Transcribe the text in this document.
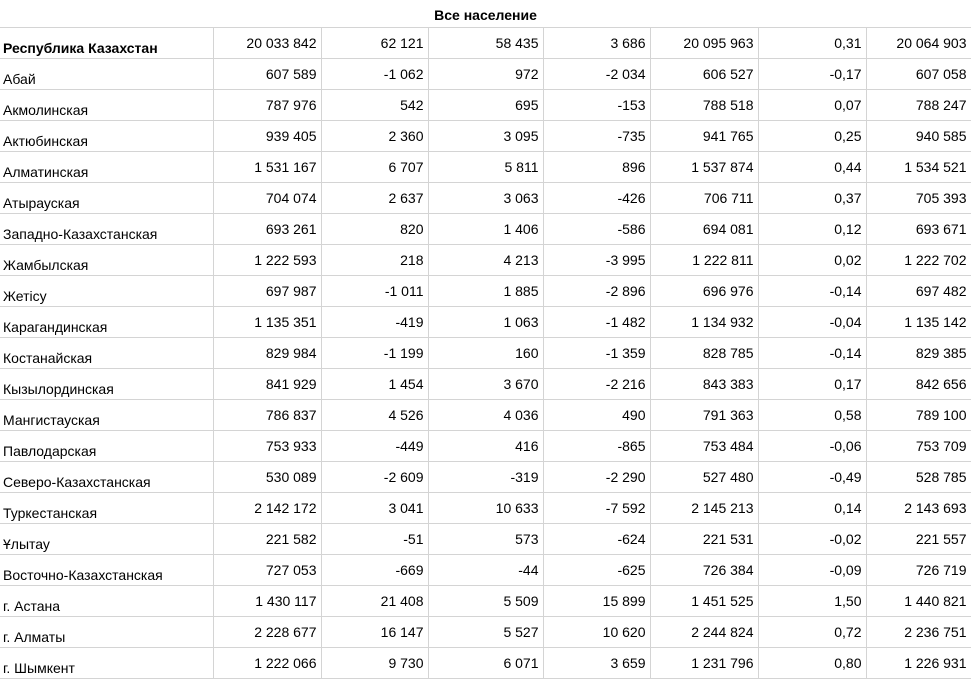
Все население
Республика Казахстан	20 033 842	62 121	58 435	3 686	20 095 963	0,31	20 064 903
Абай	607 589	-1 062	972	-2 034	606 527	-0,17	607 058
Акмолинская	787 976	542	695	-153	788 518	0,07	788 247
Актюбинская	939 405	2 360	3 095	-735	941 765	0,25	940 585
Алматинская	1 531 167	6 707	5 811	896	1 537 874	0,44	1 534 521
Атырауская	704 074	2 637	3 063	-426	706 711	0,37	705 393
Западно-Казахстанская	693 261	820	1 406	-586	694 081	0,12	693 671
Жамбылская	1 222 593	218	4 213	-3 995	1 222 811	0,02	1 222 702
Жетiсу	697 987	-1 011	1 885	-2 896	696 976	-0,14	697 482
Карагандинская	1 135 351	-419	1 063	-1 482	1 134 932	-0,04	1 135 142
Костанайская	829 984	-1 199	160	-1 359	828 785	-0,14	829 385
Кызылординская	841 929	1 454	3 670	-2 216	843 383	0,17	842 656
Мангистауская	786 837	4 526	4 036	490	791 363	0,58	789 100
Павлодарская	753 933	-449	416	-865	753 484	-0,06	753 709
Северо-Казахстанская	530 089	-2 609	-319	-2 290	527 480	-0,49	528 785
Туркестанская	2 142 172	3 041	10 633	-7 592	2 145 213	0,14	2 143 693
Ұлытау	221 582	-51	573	-624	221 531	-0,02	221 557
Восточно-Казахстанская	727 053	-669	-44	-625	726 384	-0,09	726 719
г. Астана	1 430 117	21 408	5 509	15 899	1 451 525	1,50	1 440 821
г. Алматы	2 228 677	16 147	5 527	10 620	2 244 824	0,72	2 236 751
г. Шымкент	1 222 066	9 730	6 071	3 659	1 231 796	0,80	1 226 931
